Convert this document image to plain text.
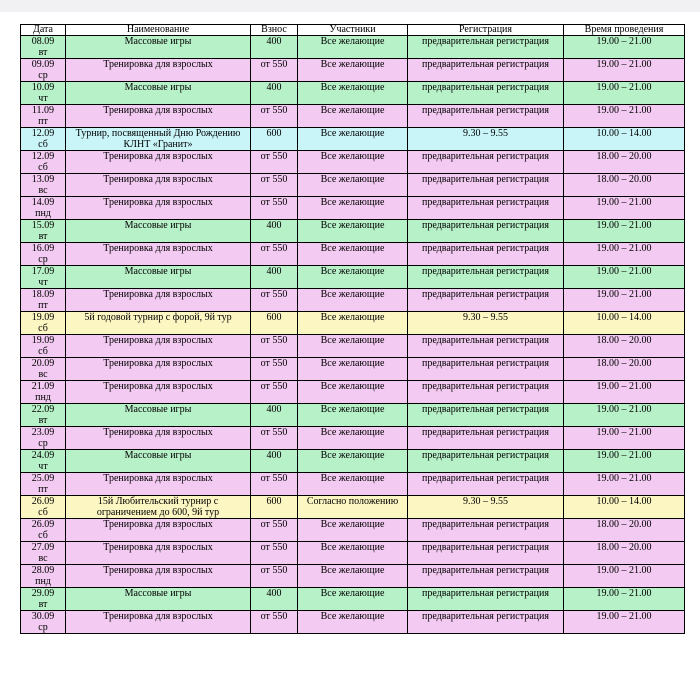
Дата	Наименование	Взнос	Участники	Регистрация	Время проведения

08.09
вт	Массовые игры	400	Все желающие	предварительная регистрация	19.00 – 21.00

09.09
ср	Тренировка для взрослых	от 550	Все желающие	предварительная регистрация	19.00 – 21.00

10.09
чт	Массовые игры	400	Все желающие	предварительная регистрация	19.00 – 21.00

11.09
пт	Тренировка для взрослых	от 550	Все желающие	предварительная регистрация	19.00 – 21.00

12.09
сб	Турнир, посвященный Дню Рождению КЛНТ «Гранит»	600	Все желающие	9.30 – 9.55	10.00 – 14.00

12.09
сб	Тренировка для взрослых	от 550	Все желающие	предварительная регистрация	18.00 – 20.00

13.09
вс	Тренировка для взрослых	от 550	Все желающие	предварительная регистрация	18.00 – 20.00

14.09
пнд	Тренировка для взрослых	от 550	Все желающие	предварительная регистрация	19.00 – 21.00

15.09
вт	Массовые игры	400	Все желающие	предварительная регистрация	19.00 – 21.00

16.09
ср	Тренировка для взрослых	от 550	Все желающие	предварительная регистрация	19.00 – 21.00

17.09
чт	Массовые игры	400	Все желающие	предварительная регистрация	19.00 – 21.00

18.09
пт	Тренировка для взрослых	от 550	Все желающие	предварительная регистрация	19.00 – 21.00

19.09
сб	5й годовой турнир с форой, 9й тур	600	Все желающие	9.30 – 9.55	10.00 – 14.00

19.09
сб	Тренировка для взрослых	от 550	Все желающие	предварительная регистрация	18.00 – 20.00

20.09
вс	Тренировка для взрослых	от 550	Все желающие	предварительная регистрация	18.00 – 20.00

21.09
пнд	Тренировка для взрослых	от 550	Все желающие	предварительная регистрация	19.00 – 21.00

22.09
вт	Массовые игры	400	Все желающие	предварительная регистрация	19.00 – 21.00

23.09
ср	Тренировка для взрослых	от 550	Все желающие	предварительная регистрация	19.00 – 21.00

24.09
чт	Массовые игры	400	Все желающие	предварительная регистрация	19.00 – 21.00

25.09
пт	Тренировка для взрослых	от 550	Все желающие	предварительная регистрация	19.00 – 21.00

26.09
сб	15й Любительский турнир с ограничением до 600, 9й тур	600	Согласно положению	9.30 – 9.55	10.00 – 14.00

26.09
сб	Тренировка для взрослых	от 550	Все желающие	предварительная регистрация	18.00 – 20.00

27.09
вс	Тренировка для взрослых	от 550	Все желающие	предварительная регистрация	18.00 – 20.00

28.09
пнд	Тренировка для взрослых	от 550	Все желающие	предварительная регистрация	19.00 – 21.00

29.09
вт	Массовые игры	400	Все желающие	предварительная регистрация	19.00 – 21.00

30.09
ср	Тренировка для взрослых	от 550	Все желающие	предварительная регистрация	19.00 – 21.00
